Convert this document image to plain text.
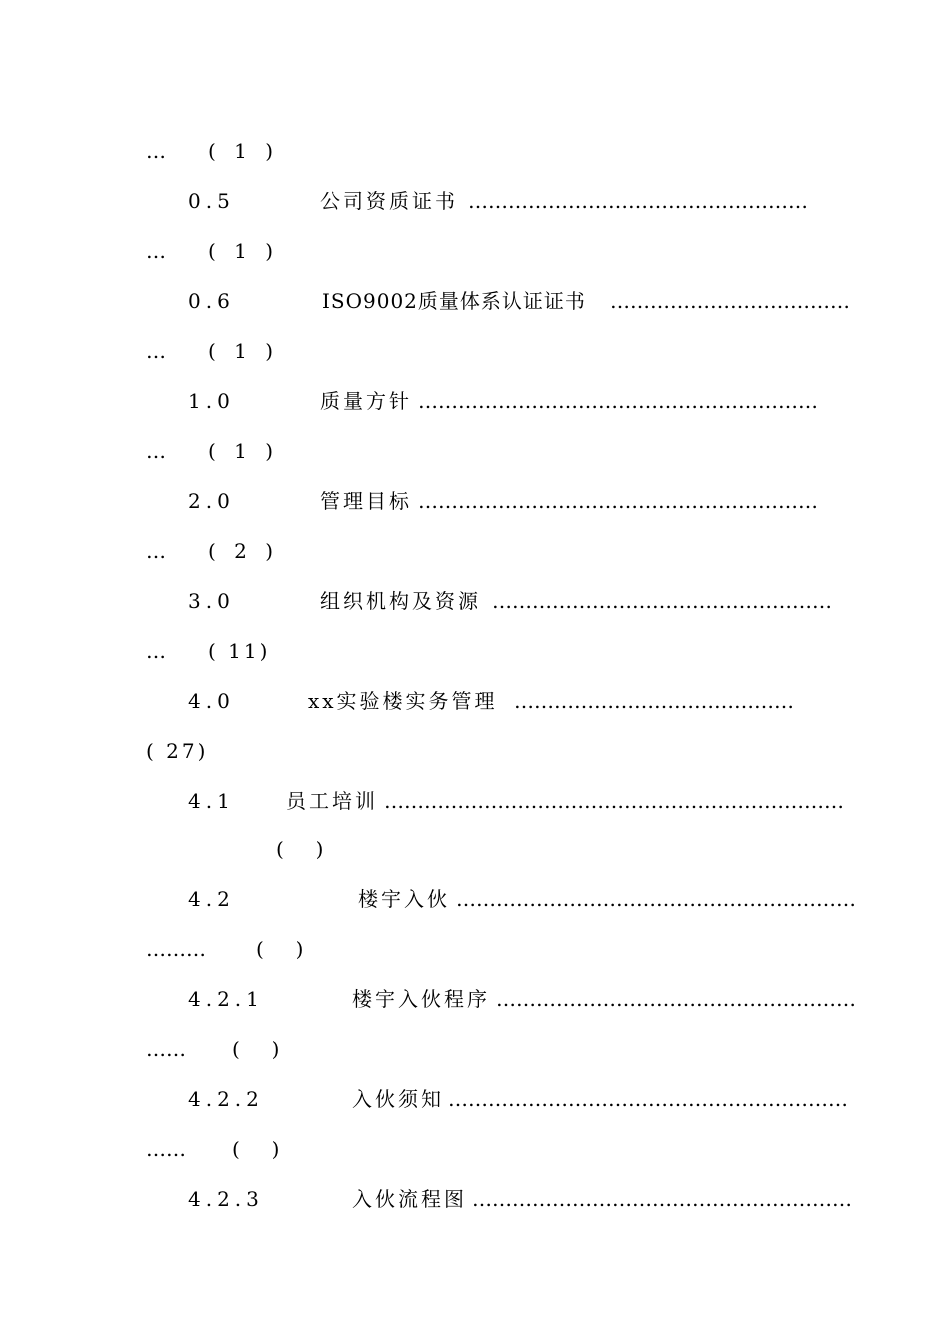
… ( 1 )
0.5	公司资质证书 ……………………………………………
… ( 1 )
0.6	ISO9002质量体系认证证书 ………………………………
… ( 1 )
1.0	质量方针 ……………………………………………………
… ( 1 )
2.0	管理目标 ……………………………………………………
… ( 2 )
3.0	组织机构及资源 ……………………………………………
… ( 11)
4.0	xx实验楼实务管理 ……………………………………
( 27)
4.1	员工培训 ……………………………………………………………
(     )
4.2	楼宇入伙 ……………………………………………………
………	(     )
4.2.1	楼宇入伙程序 ………………………………………………
…… (     )
4.2.2	入伙须知 ……………………………………………………
…… (     )
4.2.3	入伙流程图 …………………………………………………
